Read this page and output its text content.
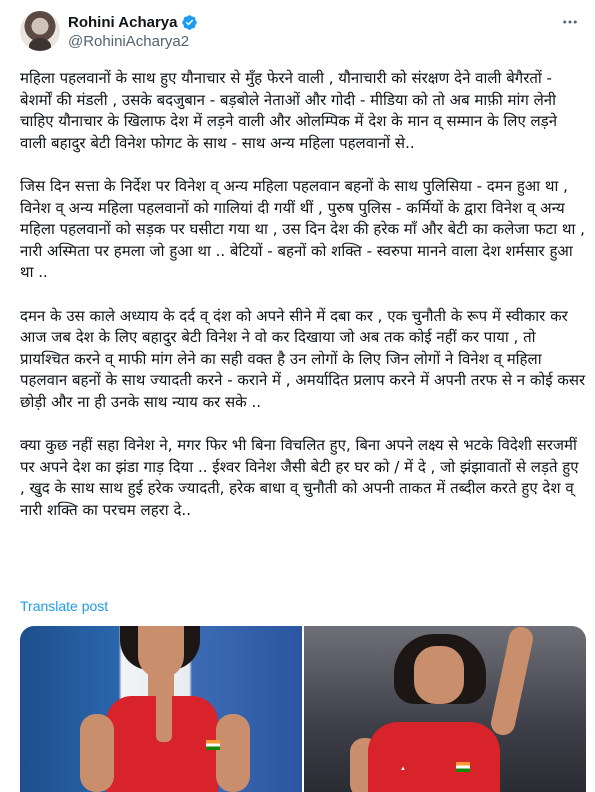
Rohini Acharya
@RohiniAcharya2

महिला पहलवानों के साथ हुए यौनाचार से मुँह फेरने वाली , यौनाचारी को संरक्षण देने वाली बेगैरतों - बेशर्मों की मंडली , उसके बदजुबान - बड़बोले नेताओं और गोदी - मीडिया को तो अब माफ़ी मांग लेनी चाहिए यौनाचार के खिलाफ देश में लड़ने वाली और ओलम्पिक में देश के मान व् सम्मान के लिए लड़ने वाली बहादुर बेटी विनेश फोगट के साथ - साथ अन्य महिला पहलवानों से..

जिस दिन सत्ता के निर्देश पर विनेश व् अन्य महिला पहलवान बहनों के साथ पुलिसिया - दमन हुआ था , विनेश व् अन्य महिला पहलवानों को गालियां दी गयीं थीं , पुरुष पुलिस - कर्मियों के द्वारा विनेश व् अन्य महिला पहलवानों को सड़क पर घसीटा गया था , उस दिन देश की हरेक माँ और बेटी का कलेजा फटा था , नारी अस्मिता पर हमला जो हुआ था .. बेटियों - बहनों को शक्ति - स्वरुपा मानने वाला देश शर्मसार हुआ था ..

दमन के उस काले अध्याय के दर्द व् दंश को अपने सीने में दबा कर , एक चुनौती के रूप में स्वीकार कर आज जब देश के लिए बहादुर बेटी विनेश ने वो कर दिखाया जो अब तक कोई नहीं कर पाया , तो प्रायश्चित करने व् माफी मांग लेने का सही वक्त है उन लोगों के लिए जिन लोगों ने विनेश व् महिला पहलवान बहनों के साथ ज्यादती करने - कराने में , अमर्यादित प्रलाप करने में अपनी तरफ से न कोई कसर छोड़ी और ना ही उनके साथ न्याय कर सके ..

क्या कुछ नहीं सहा विनेश ने, मगर फिर भी बिना विचलित हुए, बिना अपने लक्ष्य से भटके विदेशी सरजमीं पर अपने देश का झंडा गाड़ दिया .. ईश्वर विनेश जैसी बेटी हर घर को / में दे , जो झंझावातों से लड़ते हुए , खुद के साथ साथ हुई हरेक ज्यादती, हरेक बाधा व् चुनौती को अपनी ताकत में तब्दील करते हुए देश व् नारी शक्ति का परचम लहरा दे..

Translate post
▲
